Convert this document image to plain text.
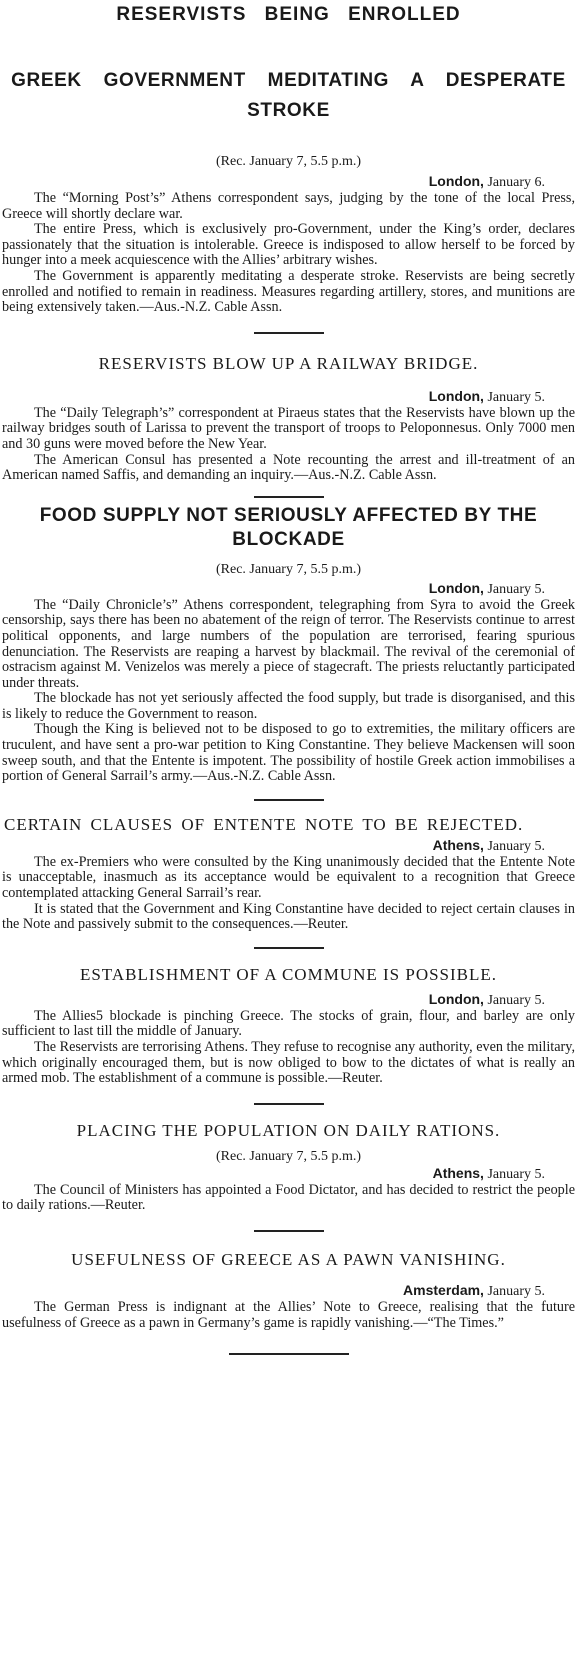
RESERVISTS BEING ENROLLED
GREEK GOVERNMENT MEDITATING A DESPERATE
STROKE
(Rec. January 7, 5.5 p.m.)
London, January 6.

The “Morning Post’s” Athens correspondent says, judging by the tone of the local Press, Greece will shortly declare war.

The entire Press, which is exclusively pro-Government, under the King’s order, declares passionately that the situation is intolerable. Greece is indisposed to allow herself to be forced by hunger into a meek acquiescence with the Allies’ arbitrary wishes.

The Government is apparently meditating a desperate stroke. Reservists are being secretly enrolled and notified to remain in readiness. Measures regarding artillery, stores, and munitions are being extensively taken.—Aus.-N.Z. Cable Assn.

RESERVISTS BLOW UP A RAILWAY BRIDGE.
London, January 5.

The “Daily Telegraph’s” correspondent at Piraeus states that the Reservists have blown up the railway bridges south of Larissa to prevent the transport of troops to Peloponnesus. Only 7000 men and 30 guns were moved before the New Year.

The American Consul has presented a Note recounting the arrest and ill-treatment of an American named Saffis, and demanding an inquiry.—Aus.-N.Z. Cable Assn.

FOOD SUPPLY NOT SERIOUSLY AFFECTED BY THE
BLOCKADE
(Rec. January 7, 5.5 p.m.)
London, January 5.

The “Daily Chronicle’s” Athens correspondent, telegraphing from Syra to avoid the Greek censorship, says there has been no abatement of the reign of terror. The Reservists continue to arrest political opponents, and large numbers of the population are terrorised, fearing spurious denunciation. The Reservists are reaping a harvest by blackmail. The revival of the ceremonial of ostracism against M. Venizelos was merely a piece of stagecraft. The priests reluctantly participated under threats.

The blockade has not yet seriously affected the food supply, but trade is disorganised, and this is likely to reduce the Government to reason.

Though the King is believed not to be disposed to go to extremities, the military officers are truculent, and have sent a pro-war petition to King Constantine. They believe Mackensen will soon sweep south, and that the Entente is impotent. The possibility of hostile Greek action immobilises a portion of General Sarrail’s army.—Aus.-N.Z. Cable Assn.

CERTAIN CLAUSES OF ENTENTE NOTE TO BE REJECTED.
Athens, January 5.

The ex-Premiers who were consulted by the King unanimously decided that the Entente Note is unacceptable, inasmuch as its acceptance would be equivalent to a recognition that Greece contemplated attacking General Sarrail’s rear.

It is stated that the Government and King Constantine have decided to reject certain clauses in the Note and passively submit to the consequences.—Reuter.

ESTABLISHMENT OF A COMMUNE IS POSSIBLE.
London, January 5.

The Allies5 blockade is pinching Greece. The stocks of grain, flour, and barley are only sufficient to last till the middle of January.

The Reservists are terrorising Athens. They refuse to recognise any authority, even the military, which originally encouraged them, but is now obliged to bow to the dictates of what is really an armed mob. The establishment of a commune is possible.—Reuter.

PLACING THE POPULATION ON DAILY RATIONS.
(Rec. January 7, 5.5 p.m.)
Athens, January 5.

The Council of Ministers has appointed a Food Dictator, and has decided to restrict the people to daily rations.—Reuter.

USEFULNESS OF GREECE AS A PAWN VANISHING.
Amsterdam, January 5.

The German Press is indignant at the Allies’ Note to Greece, realising that the future usefulness of Greece as a pawn in Germany’s game is rapidly vanishing.—“The Times.”
